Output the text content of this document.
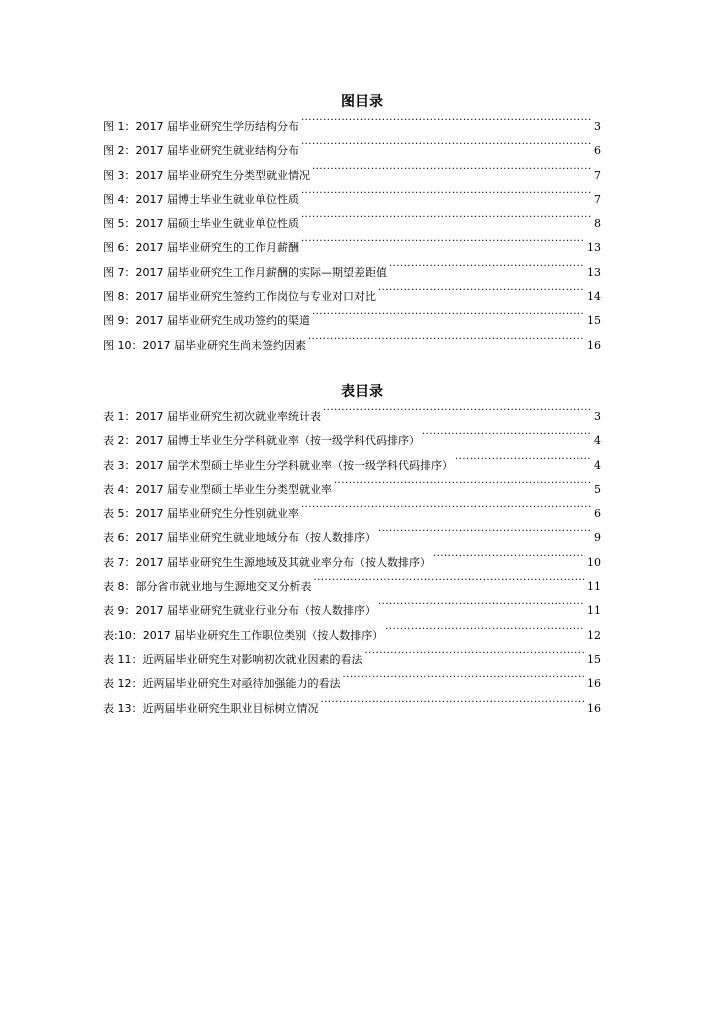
图目录
图 1：2017 届毕业研究生学历结构分布 ·····	3
图 2：2017 届毕业研究生就业结构分布 ·····	6
图 3：2017 届毕业研究生分类型就业情况 ·····	7
图 4：2017 届博士毕业生就业单位性质 ·····	7
图 5：2017 届硕士毕业生就业单位性质 ·····	8
图 6：2017 届毕业研究生的工作月薪酬 ·····	13
图 7：2017 届毕业研究生工作月薪酬的实际—期望差距值 ·····	13
图 8：2017 届毕业研究生签约工作岗位与专业对口对比 ·····	14
图 9：2017 届毕业研究生成功签约的渠道 ·····	15
图 10：2017 届毕业研究生尚未签约因素 ·····	16
表目录
表 1：2017 届毕业研究生初次就业率统计表 ·····	3
表 2：2017 届博士毕业生分学科就业率（按一级学科代码排序） ·····	4
表 3：2017 届学术型硕士毕业生分学科就业率（按一级学科代码排序） ·····	4
表 4：2017 届专业型硕士毕业生分类型就业率 ·····	5
表 5：2017 届毕业研究生分性别就业率 ·····	6
表 6：2017 届毕业研究生就业地域分布（按人数排序） ·····	9
表 7：2017 届毕业研究生生源地域及其就业率分布（按人数排序） ·····	10
表 8：部分省市就业地与生源地交叉分析表 ·····	11
表 9：2017 届毕业研究生就业行业分布（按人数排序） ·····	11
表:10：2017 届毕业研究生工作职位类别（按人数排序） ·····	12
表 11：近两届毕业研究生对影响初次就业因素的看法 ·····	15
表 12：近两届毕业研究生对亟待加强能力的看法 ·····	16
表 13：近两届毕业研究生职业目标树立情况 ·····	16
